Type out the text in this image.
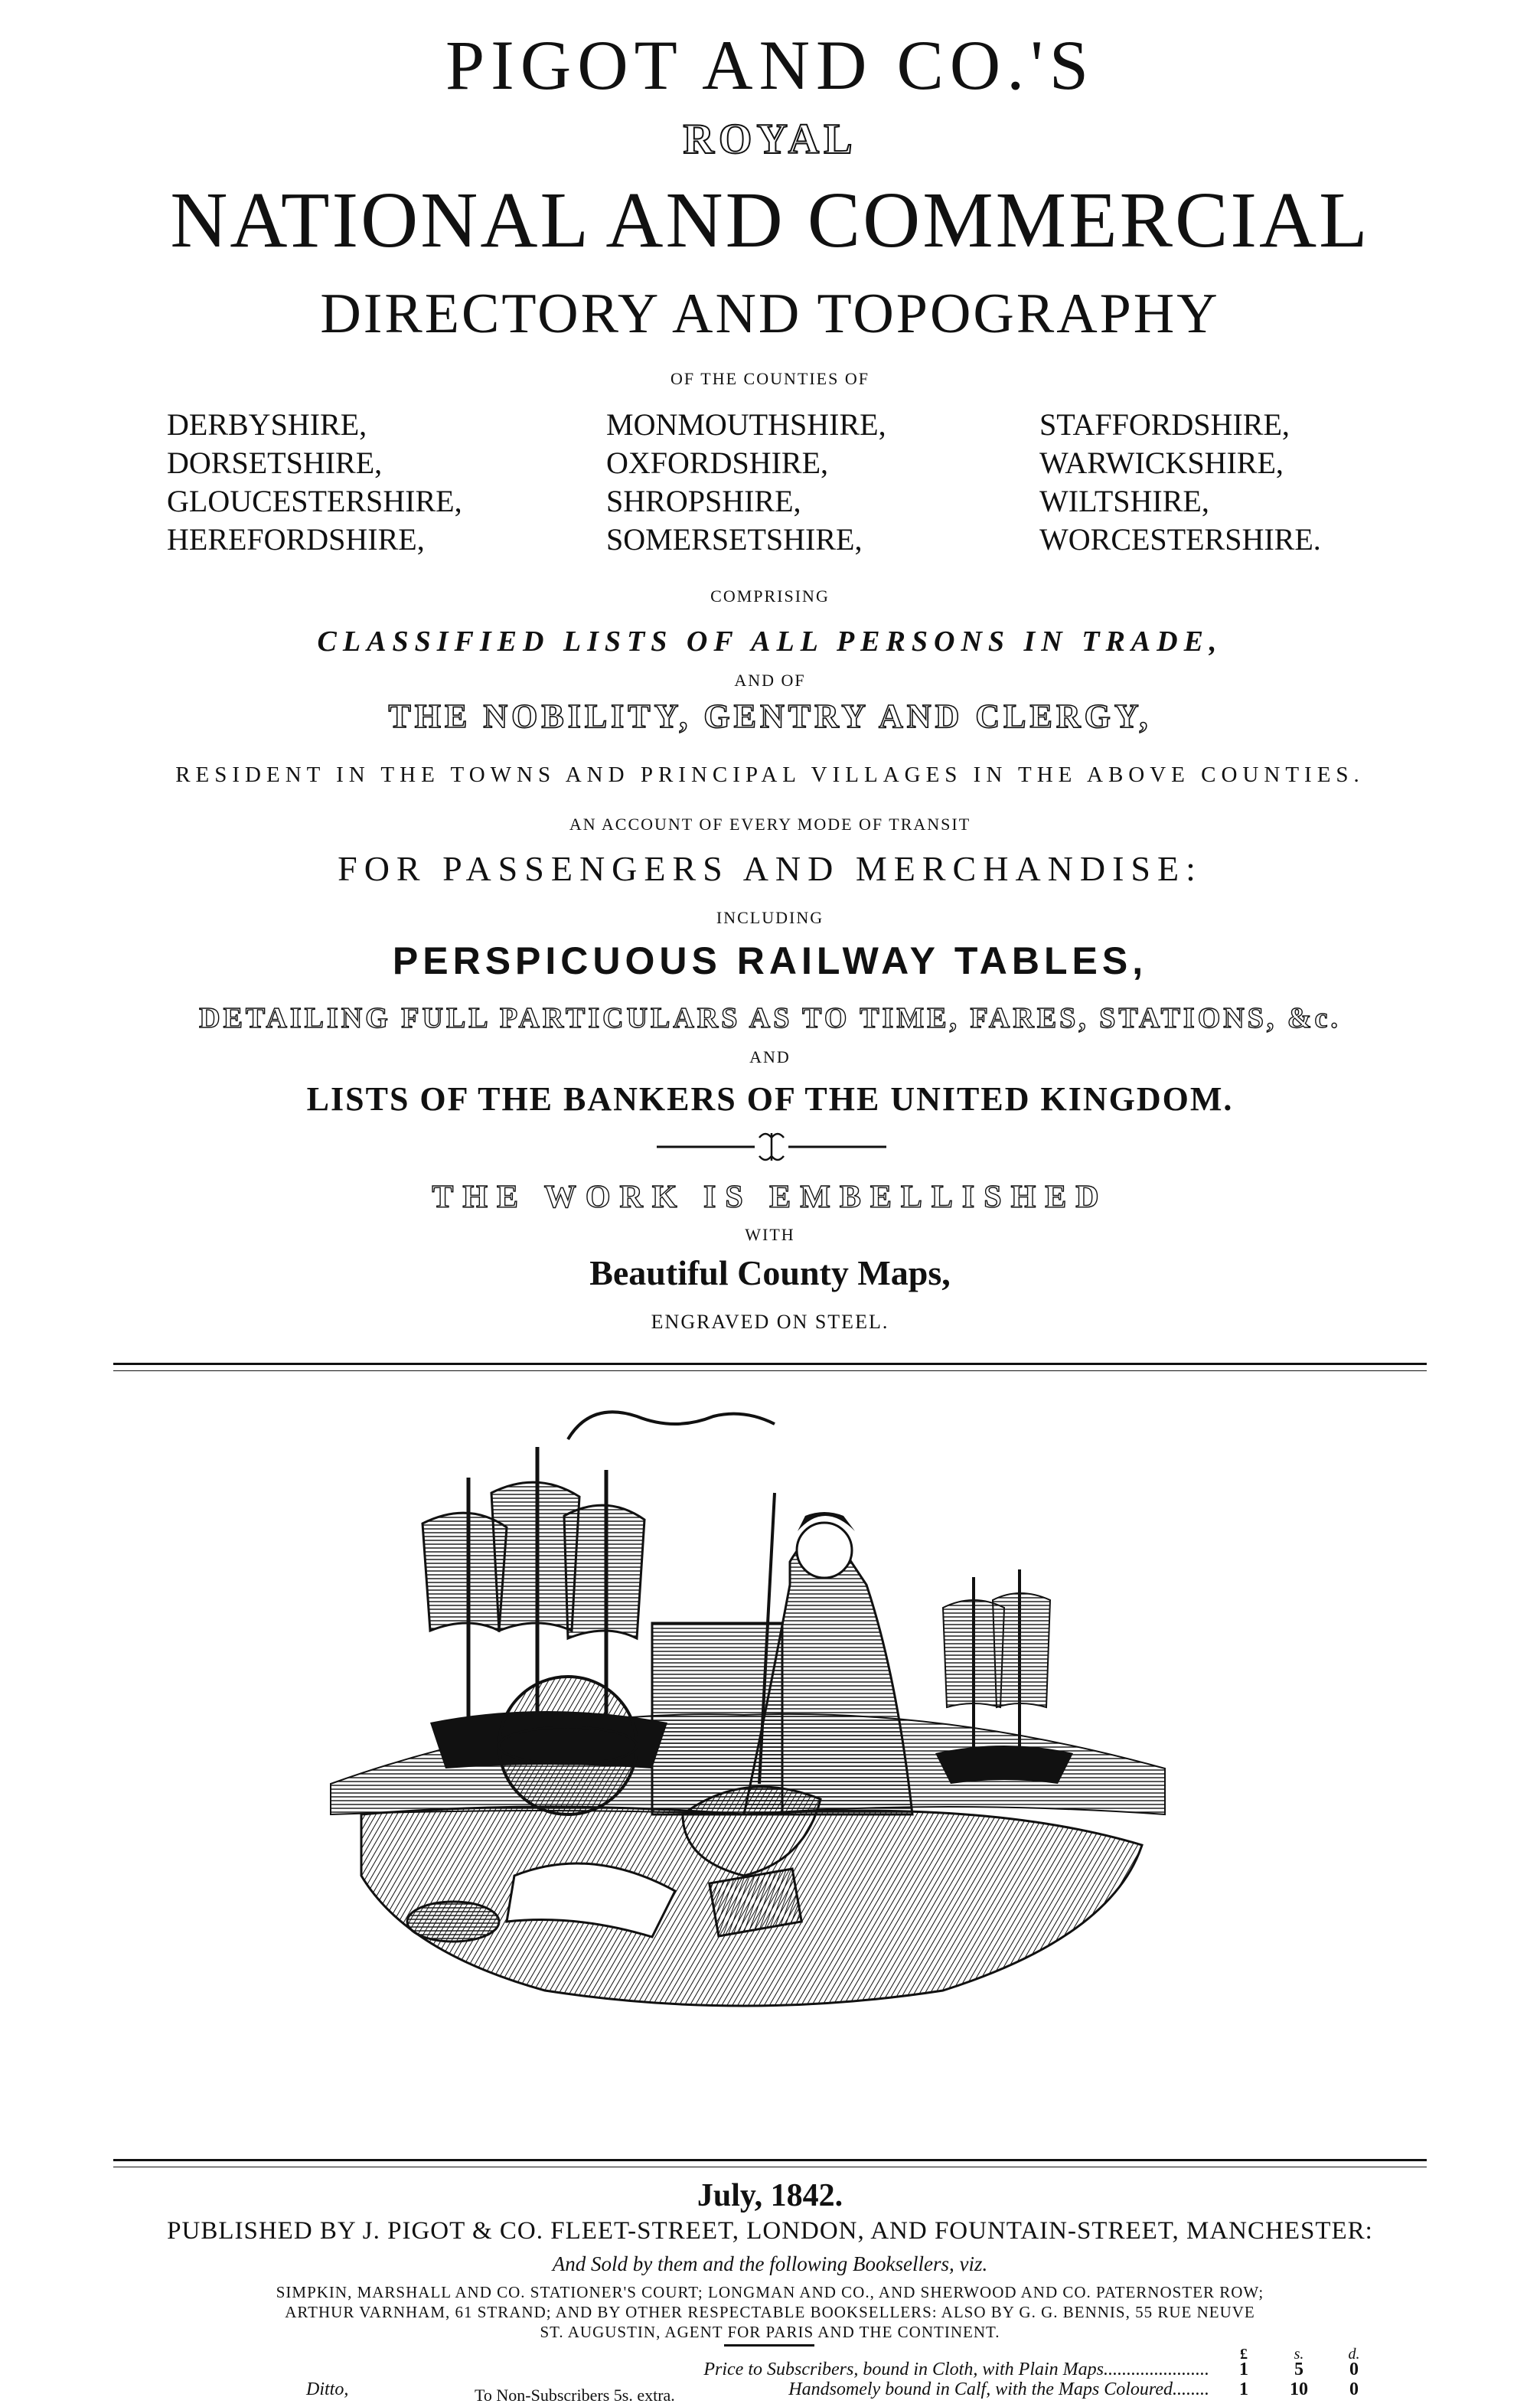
PIGOT AND CO.'S
ROYAL
NATIONAL AND COMMERCIAL
DIRECTORY AND TOPOGRAPHY
OF THE COUNTIES OF
DERBYSHIRE,
DORSETSHIRE,
GLOUCESTERSHIRE,
HEREFORDSHIRE,
MONMOUTHSHIRE,
OXFORDSHIRE,
SHROPSHIRE,
SOMERSETSHIRE,
STAFFORDSHIRE,
WARWICKSHIRE,
WILTSHIRE,
WORCESTERSHIRE.
COMPRISING
CLASSIFIED LISTS OF ALL PERSONS IN TRADE,
AND OF
THE NOBILITY, GENTRY AND CLERGY,
RESIDENT IN THE TOWNS AND PRINCIPAL VILLAGES IN THE ABOVE COUNTIES.
AN ACCOUNT OF EVERY MODE OF TRANSIT
FOR PASSENGERS AND MERCHANDISE:
INCLUDING
PERSPICUOUS RAILWAY TABLES,
DETAILING FULL PARTICULARS AS TO TIME, FARES, STATIONS, &c.
AND
LISTS OF THE BANKERS OF THE UNITED KINGDOM.
THE WORK IS EMBELLISHED
WITH
Beautiful County Maps,
ENGRAVED ON STEEL.
July, 1842.
PUBLISHED BY J. PIGOT & CO. FLEET-STREET, LONDON, AND FOUNTAIN-STREET, MANCHESTER:
And Sold by them and the following Booksellers, viz.
SIMPKIN, MARSHALL AND CO. STATIONER'S COURT; LONGMAN AND CO., AND SHERWOOD AND CO. PATERNOSTER ROW;
ARTHUR VARNHAM, 61 STRAND; AND BY OTHER RESPECTABLE BOOKSELLERS: ALSO BY G. G. BENNIS, 55 RUE NEUVE
ST. AUGUSTIN, AGENT FOR PARIS AND THE CONTINENT.
£	s.	d.
Price to Subscribers, bound in Cloth, with Plain Maps.......................	1	5	0
Ditto,	Handsomely bound in Calf, with the Maps Coloured........	1	10	0
To Non-Subscribers 5s. extra.
